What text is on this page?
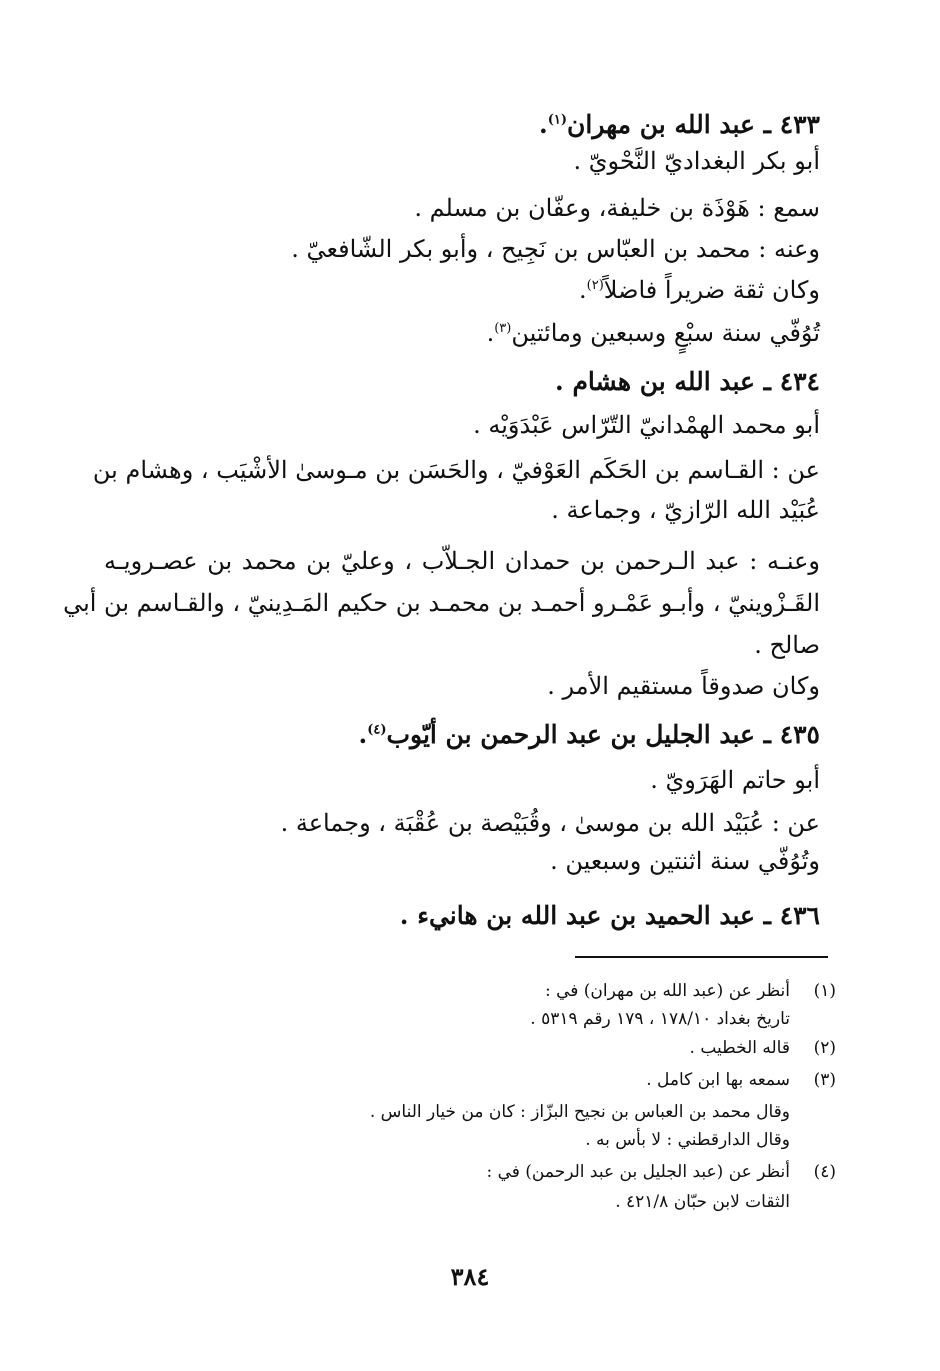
٤٣٣ ـ عبد الله بن مهران$^{(١)}$.
أبو بكر البغداديّ النَّحْويّ .
سمع : هَوْذَة بن خليفة، وعفّان بن مسلم .
وعنه : محمد بن العبّاس بن نَجِيح ، وأبو بكر الشّافعيّ .
وكان ثقة ضريراً فاضلاً$^{(٢)}$.
تُوُفّي سنة سبْعٍ وسبعين ومائتين$^{(٣)}$.
٤٣٤ ـ عبد الله بن هشام .
أبو محمد الهمْدانيّ التّرّاس عَبْدَوَيْه .
عن : القـاسم بن الحَكَم العَوْفيّ ، والحَسَن بن مـوسىٰ الأشْيَب ، وهشام بن
عُبَيْد الله الرّازيّ ، وجماعة .
وعنـه : عبد الـرحمن بن حمدان الجـلاّب ، وعليّ بن محمد بن عصـرويـه
القَـزْوينيّ ، وأبـو عَمْـرو أحمـد بن محمـد بن حكيم المَـدِينيّ ، والقـاسم بن أبي
صالح .
وكان صدوقاً مستقيم الأمر .
٤٣٥ ـ عبد الجليل بن عبد الرحمن بن أيّوب$^{(٤)}$.
أبو حاتم الهَرَويّ .
عن : عُبَيْد الله بن موسىٰ ، وقُبَيْصة بن عُقْبَة ، وجماعة .
وتُوُفّي سنة اثنتين وسبعين .
٤٣٦ ـ عبد الحميد بن عبد الله بن هانيء .
(١)أنظر عن (عبد الله بن مهران) في :
تاريخ بغداد ١٧٨/١٠ ، ١٧٩ رقم ٥٣١٩ .
(٢)قاله الخطيب .
(٣)سمعه بها ابن كامل .
وقال محمد بن العباس بن نجيح البزّاز : كان من خيار الناس .
وقال الدارقطني : لا بأس به .
(٤)أنظر عن (عبد الجليل بن عبد الرحمن) في :
الثقات لابن حبّان ٤٢١/٨ .
٣٨٤
